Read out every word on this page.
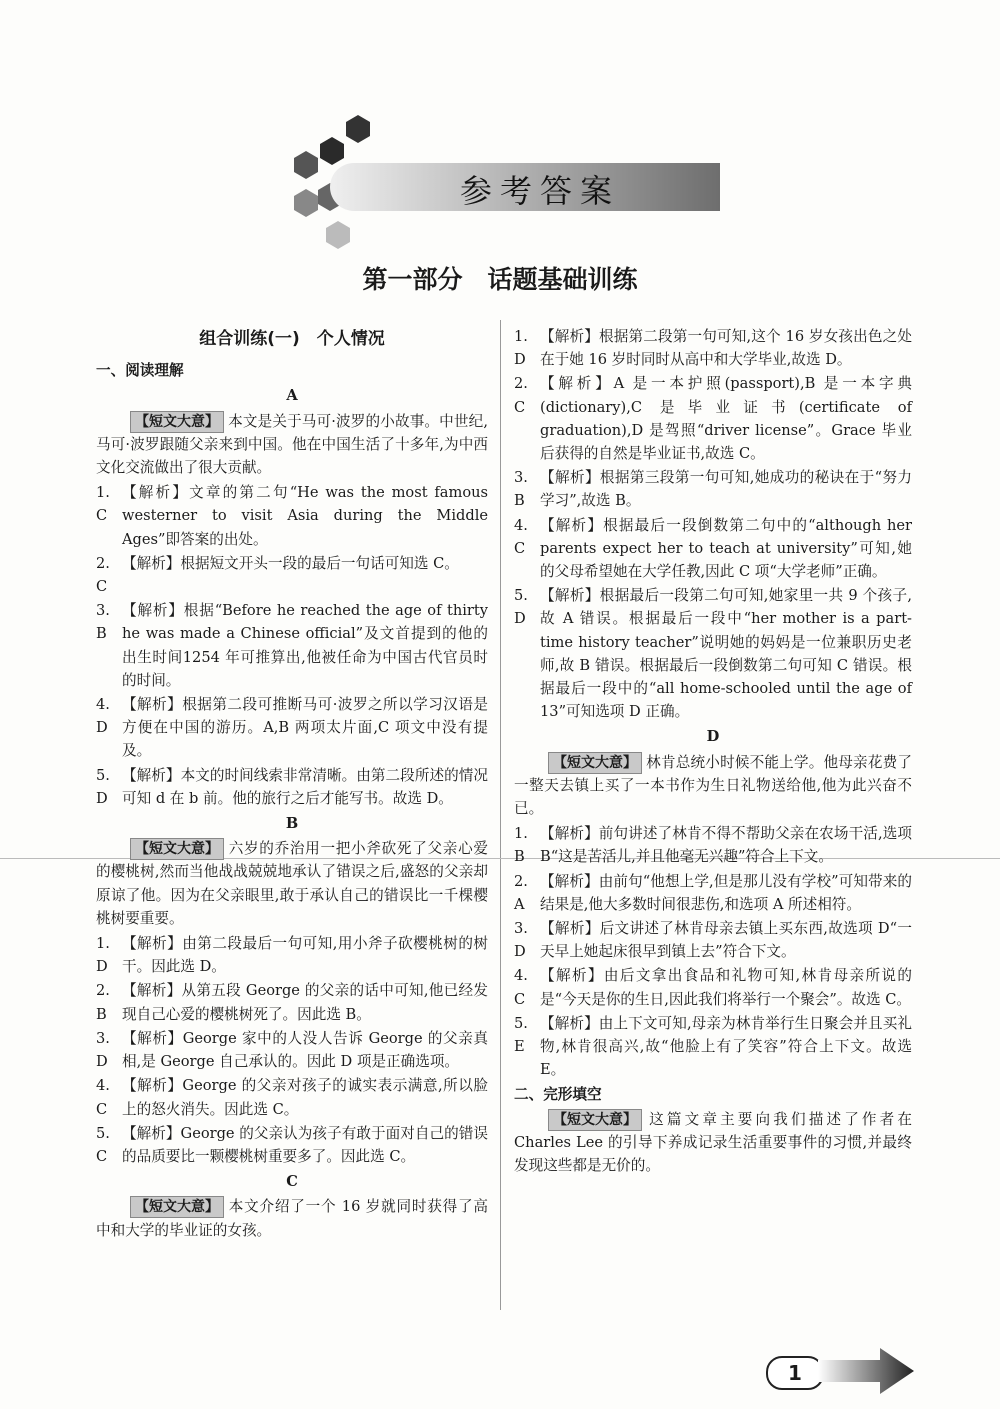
参考答案
第一部分　话题基础训练
组合训练(一)　个人情况
一、阅读理解
A
【短文大意】 本文是关于马可·波罗的小故事。中世纪,马可·波罗跟随父亲来到中国。他在中国生活了十多年,为中西文化交流做出了很大贡献。
1. C
【解析】文章的第二句“He was the most famous westerner to visit Asia during the Middle Ages”即答案的出处。
2. C
【解析】根据短文开头一段的最后一句话可知选 C。
3. B
【解析】根据“Before he reached the age of thirty he was made a Chinese official”及文首提到的他的出生时间1254 年可推算出,他被任命为中国古代官员时的时间。
4. D
【解析】根据第二段可推断马可·波罗之所以学习汉语是方便在中国的游历。A,B 两项太片面,C 项文中没有提及。
5. D
【解析】本文的时间线索非常清晰。由第二段所述的情况可知 d 在 b 前。他的旅行之后才能写书。故选 D。
B
【短文大意】 六岁的乔治用一把小斧砍死了父亲心爱的樱桃树,然而当他战战兢兢地承认了错误之后,盛怒的父亲却原谅了他。因为在父亲眼里,敢于承认自己的错误比一千棵樱桃树要重要。
1. D
【解析】由第二段最后一句可知,用小斧子砍樱桃树的树干。因此选 D。
2. B
【解析】从第五段 George 的父亲的话中可知,他已经发现自己心爱的樱桃树死了。因此选 B。
3. D
【解析】George 家中的人没人告诉 George 的父亲真相,是 George 自己承认的。因此 D 项是正确选项。
4. C
【解析】George 的父亲对孩子的诚实表示满意,所以脸上的怒火消失。因此选 C。
5. C
【解析】George 的父亲认为孩子有敢于面对自己的错误的品质要比一颗樱桃树重要多了。因此选 C。
C
【短文大意】 本文介绍了一个 16 岁就同时获得了高中和大学的毕业证的女孩。
1. D
【解析】根据第二段第一句可知,这个 16 岁女孩出色之处在于她 16 岁时同时从高中和大学毕业,故选 D。
2. C
【解析】A 是一本护照(passport),B 是一本字典(dictionary),C 是毕业证书(certificate of graduation),D 是驾照“driver license”。Grace 毕业后获得的自然是毕业证书,故选 C。
3. B
【解析】根据第三段第一句可知,她成功的秘诀在于“努力学习”,故选 B。
4. C
【解析】根据最后一段倒数第二句中的“although her parents expect her to teach at university”可知,她的父母希望她在大学任教,因此 C 项“大学老师”正确。
5. D
【解析】根据最后一段第二句可知,她家里一共 9 个孩子,故 A 错误。根据最后一段中“her mother is a part-time history teacher”说明她的妈妈是一位兼职历史老师,故 B 错误。根据最后一段倒数第二句可知 C 错误。根据最后一段中的“all home-schooled until the age of 13”可知选项 D 正确。
D
【短文大意】 林肯总统小时候不能上学。他母亲花费了一整天去镇上买了一本书作为生日礼物送给他,他为此兴奋不已。
1. B
【解析】前句讲述了林肯不得不帮助父亲在农场干活,选项 B“这是苦活儿,并且他毫无兴趣”符合上下文。
2. A
【解析】由前句“他想上学,但是那儿没有学校”可知带来的结果是,他大多数时间很悲伤,和选项 A 所述相符。
3. D
【解析】后文讲述了林肯母亲去镇上买东西,故选项 D“一天早上她起床很早到镇上去”符合下文。
4. C
【解析】由后文拿出食品和礼物可知,林肯母亲所说的是“今天是你的生日,因此我们将举行一个聚会”。故选 C。
5. E
【解析】由上下文可知,母亲为林肯举行生日聚会并且买礼物,林肯很高兴,故“他脸上有了笑容”符合上下文。故选 E。
二、完形填空
【短文大意】 这篇文章主要向我们描述了作者在 Charles Lee 的引导下养成记录生活重要事件的习惯,并最终发现这些都是无价的。
1
